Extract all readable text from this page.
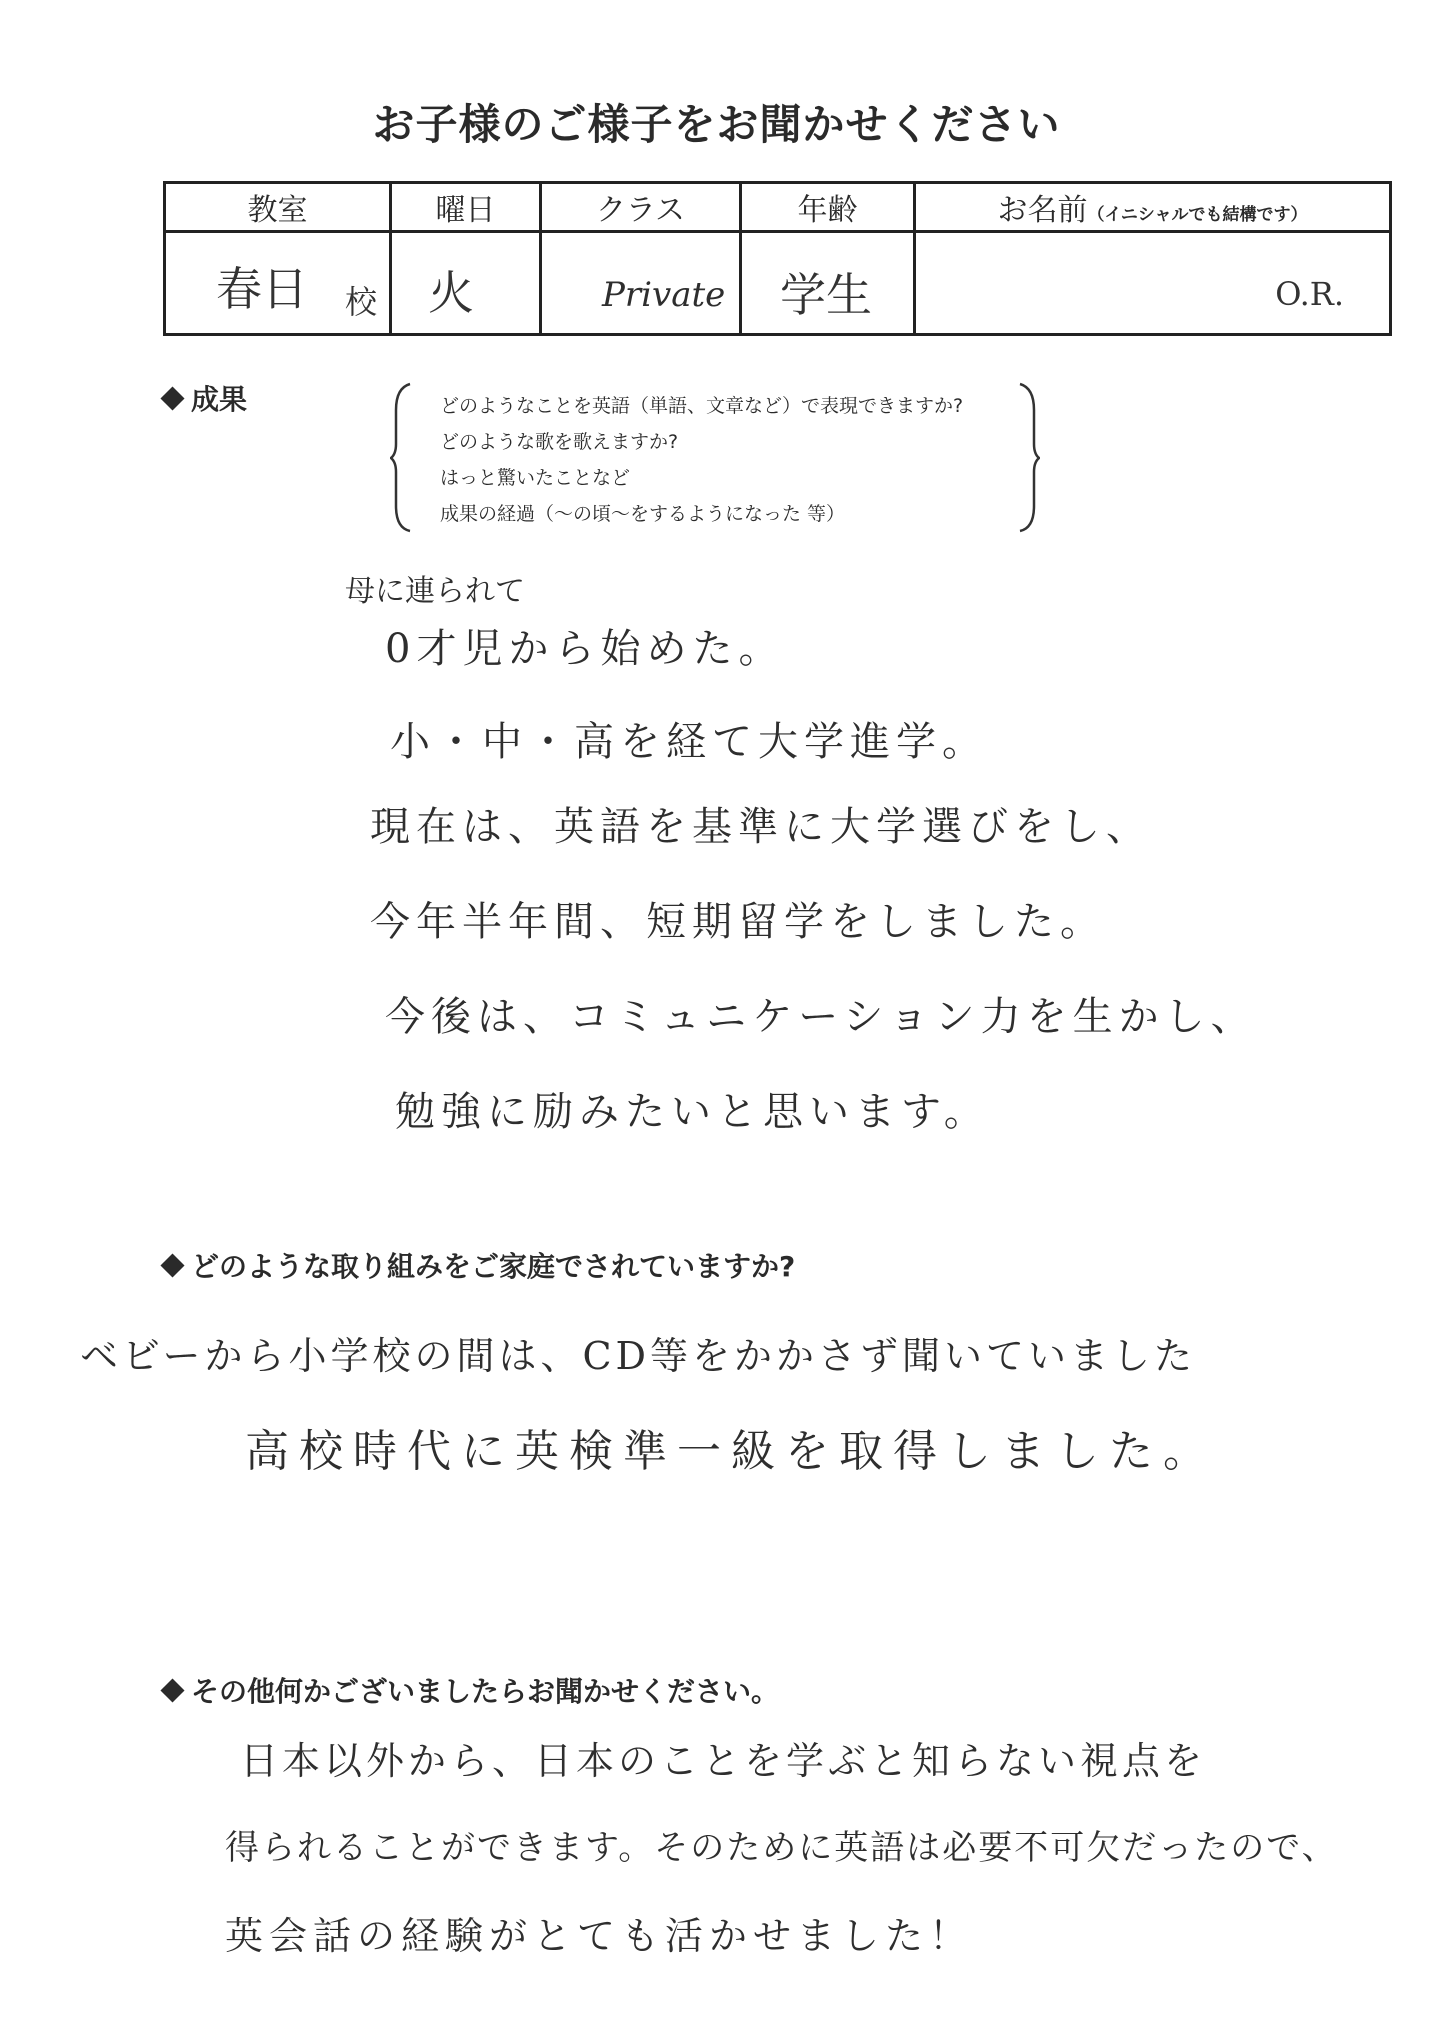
お子様のご様子をお聞かせください
教室	曜日	クラス	年齢	お名前（イニシャルでも結構です）

春日 校	火	Private	学生	O.R.
成果	どのようなことを英語（単語、文章など）で表現できますか?
どのような歌を歌えますか?
はっと驚いたことなど
成果の経過（～の頃～をするようになった 等）
母に連られて
0才児から始めた。
小・中・高を経て大学進学。
現在は、英語を基準に大学選びをし、
今年半年間、短期留学をしました。
今後は、コミュニケーション力を生かし、
勉強に励みたいと思います。
どのような取り組みをご家庭でされていますか?
ベビーから小学校の間は、CD等をかかさず聞いていました
高校時代に英検準一級を取得しました。
その他何かございましたらお聞かせください。
日本以外から、日本のことを学ぶと知らない視点を
得られることができます。そのために英語は必要不可欠だったので、
英会話の経験がとても活かせました！
